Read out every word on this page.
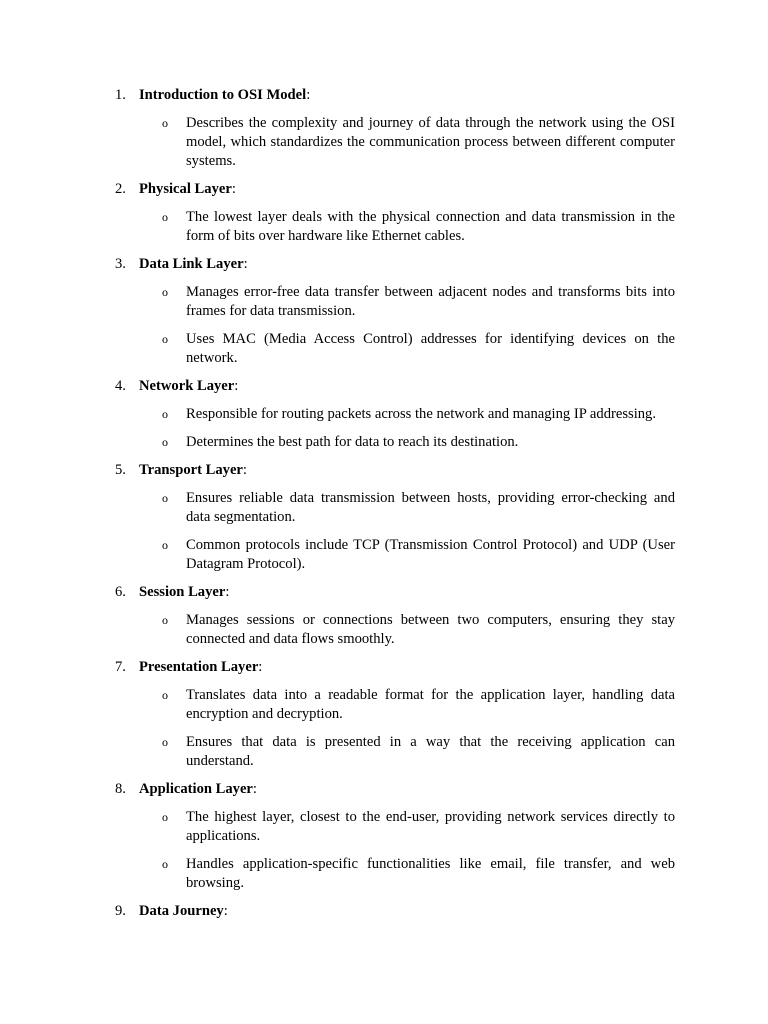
1. Introduction to OSI Model:
o	Describes the complexity and journey of data through the network using the OSI model, which standardizes the communication process between different computer systems.
2. Physical Layer:
o	The lowest layer deals with the physical connection and data transmission in the form of bits over hardware like Ethernet cables.
3. Data Link Layer:
o	Manages error-free data transfer between adjacent nodes and transforms bits into frames for data transmission.
o	Uses MAC (Media Access Control) addresses for identifying devices on the network.
4. Network Layer:
o	Responsible for routing packets across the network and managing IP addressing.
o	Determines the best path for data to reach its destination.
5. Transport Layer:
o	Ensures reliable data transmission between hosts, providing error-checking and data segmentation.
o	Common protocols include TCP (Transmission Control Protocol) and UDP (User Datagram Protocol).
6. Session Layer:
o	Manages sessions or connections between two computers, ensuring they stay connected and data flows smoothly.
7. Presentation Layer:
o	Translates data into a readable format for the application layer, handling data encryption and decryption.
o	Ensures that data is presented in a way that the receiving application can understand.
8. Application Layer:
o	The highest layer, closest to the end-user, providing network services directly to applications.
o	Handles application-specific functionalities like email, file transfer, and web browsing.
9. Data Journey:
